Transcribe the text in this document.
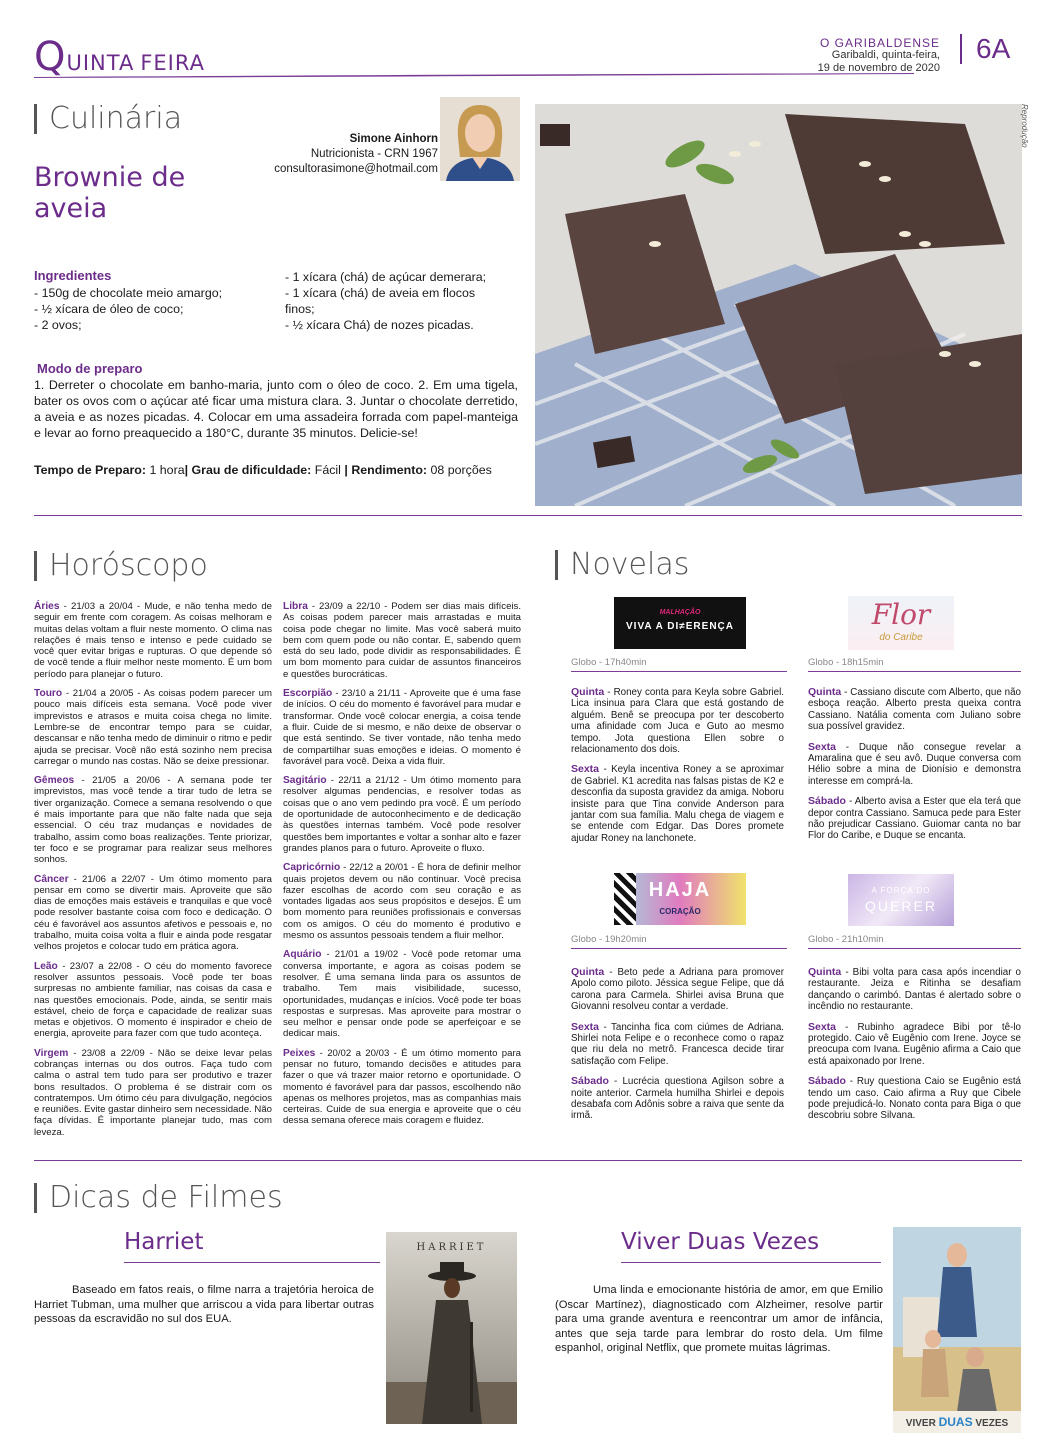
QUINTA FEIRA
O GARIBALDENSE
Garibaldi, quinta-feira,
19 de novembro de 2020
6A
Culinária
Brownie de
aveia
Simone Ainhorn
Nutricionista - CRN 1967
consultorasimone@hotmail.com
Reprodução
Ingredientes
- 150g de chocolate meio amargo;
- ½ xícara de óleo de coco;
- 2 ovos;
- 1 xícara (chá) de açúcar demerara;
- 1 xícara (chá) de aveia em flocos
finos;
- ½ xícara Chá) de nozes picadas.
Modo de preparo
1. Derreter o chocolate em banho-maria, junto com o óleo de coco. 2. Em uma tigela, bater os ovos com o açúcar até ficar uma mistura clara. 3. Juntar o chocolate derretido, a aveia e as nozes picadas. 4. Colocar em uma assadeira forrada com papel-manteiga e levar ao forno preaquecido a 180°C, durante 35 minutos. Delicie-se!
Tempo de Preparo: 1 hora| Grau de dificuldade: Fácil | Rendimento: 08 porções
Horóscopo

Áries - 21/03 a 20/04 - Mude, e não tenha medo de seguir em frente com coragem. As coisas melhoram e muitas delas voltam a fluir neste momento. O clima nas relações é mais tenso e intenso e pede cuidado se você quer evitar brigas e rupturas. O que depende só de você tende a fluir melhor neste momento. É um bom período para planejar o futuro.

Touro - 21/04 a 20/05 - As coisas podem parecer um pouco mais difíceis esta semana. Você pode viver imprevistos e atrasos e muita coisa chega no limite. Lembre-se de encontrar tempo para se cuidar, descansar e não tenha medo de diminuir o ritmo e pedir ajuda se precisar. Você não está sozinho nem precisa carregar o mundo nas costas. Não se deixe pressionar.

Gêmeos - 21/05 a 20/06 - A semana pode ter imprevistos, mas você tende a tirar tudo de letra se tiver organização. Comece a semana resolvendo o que é mais importante para que não falte nada que seja essencial. O céu traz mudanças e novidades de trabalho, assim como boas realizações. Tente priorizar, ter foco e se programar para realizar seus melhores sonhos.

Câncer - 21/06 a 22/07 - Um ótimo momento para pensar em como se divertir mais. Aproveite que são dias de emoções mais estáveis e tranquilas e que você pode resolver bastante coisa com foco e dedicação. O céu é favorável aos assuntos afetivos e pessoais e, no trabalho, muita coisa volta a fluir e ainda pode resgatar velhos projetos e colocar tudo em prática agora.

Leão - 23/07 a 22/08 - O céu do momento favorece resolver assuntos pessoais. Você pode ter boas surpresas no ambiente familiar, nas coisas da casa e nas questões emocionais. Pode, ainda, se sentir mais estável, cheio de força e capacidade de realizar suas metas e objetivos. O momento é inspirador e cheio de energia, aproveite para fazer com que tudo aconteça.

Virgem - 23/08 a 22/09 - Não se deixe levar pelas cobranças internas ou dos outros. Faça tudo com calma o astral tem tudo para ser produtivo e trazer bons resultados. O problema é se distrair com os contratempos. Um ótimo céu para divulgação, negócios e reuniões. Evite gastar dinheiro sem necessidade. Não faça dívidas. É importante planejar tudo, mas com leveza.

Libra - 23/09 a 22/10 - Podem ser dias mais difíceis. As coisas podem parecer mais arrastadas e muita coisa pode chegar no limite. Mas você saberá muito bem com quem pode ou não contar. E, sabendo quem está do seu lado, pode dividir as responsabilidades. É um bom momento para cuidar de assuntos financeiros e questões burocráticas.

Escorpião - 23/10 a 21/11 - Aproveite que é uma fase de inícios. O céu do momento é favorável para mudar e transformar. Onde você colocar energia, a coisa tende a fluir. Cuide de si mesmo, e não deixe de observar o que está sentindo. Se tiver vontade, não tenha medo de compartilhar suas emoções e ideias. O momento é favorável para você. Deixa a vida fluir.

Sagitário - 22/11 a 21/12 - Um ótimo momento para resolver algumas pendencias, e resolver todas as coisas que o ano vem pedindo pra você. É um período de oportunidade de autoconhecimento e de dedicação às questões internas também. Você pode resolver questões bem importantes e voltar a sonhar alto e fazer grandes planos para o futuro. Aproveite o fluxo.

Capricórnio - 22/12 a 20/01 - É hora de definir melhor quais projetos devem ou não continuar. Você precisa fazer escolhas de acordo com seu coração e as vontades ligadas aos seus propósitos e desejos. É um bom momento para reuniões profissionais e conversas com os amigos. O céu do momento é produtivo e mesmo os assuntos pessoais tendem a fluir melhor.

Aquário - 21/01 a 19/02 - Você pode retomar uma conversa importante, e agora as coisas podem se resolver. É uma semana linda para os assuntos de trabalho. Tem mais visibilidade, sucesso, oportunidades, mudanças e inícios. Você pode ter boas respostas e surpresas. Mas aproveite para mostrar o seu melhor e pensar onde pode se aperfeiçoar e se dedicar mais.

Peixes - 20/02 a 20/03 - É um ótimo momento para pensar no futuro, tomando decisões e atitudes para fazer o que vá trazer maior retorno e oportunidade. O momento é favorável para dar passos, escolhendo não apenas os melhores projetos, mas as companhias mais certeiras. Cuide de sua energia e aproveite que o céu dessa semana oferece mais coragem e fluidez.

Novelas
MALHAÇÃO
VIVA A DI≠ERENÇA	Flor
do Caribe
Globo - 17h40min	Globo - 18h15min

Quinta - Roney conta para Keyla sobre Gabriel. Lica insinua para Clara que está gostando de alguém. Benê se preocupa por ter descoberto uma afinidade com Juca e Guto ao mesmo tempo. Jota questiona Ellen sobre o relacionamento dos dois.

Sexta - Keyla incentiva Roney a se aproximar de Gabriel. K1 acredita nas falsas pistas de K2 e desconfia da suposta gravidez da amiga. Noboru insiste para que Tina convide Anderson para jantar com sua família. Malu chega de viagem e se entende com Edgar. Das Dores promete ajudar Roney na lanchonete.

Quinta - Cassiano discute com Alberto, que não esboça reação. Alberto presta queixa contra Cassiano. Natália comenta com Juliano sobre sua possível gravidez.

Sexta - Duque não consegue revelar a Amaralina que é seu avô. Duque conversa com Hélio sobre a mina de Dionísio e demonstra interesse em comprá-la.

Sábado - Alberto avisa a Ester que ela terá que depor contra Cassiano. Samuca pede para Ester não prejudicar Cassiano. Guiomar canta no bar Flor do Caribe, e Duque se encanta.

HAJA
CORAÇÃO
A FORÇA DO
QUERER
Globo - 19h20min	Globo - 21h10min

Quinta - Beto pede a Adriana para promover Apolo como piloto. Jéssica segue Felipe, que dá carona para Carmela. Shirlei avisa Bruna que Giovanni resolveu contar a verdade.

Sexta - Tancinha fica com ciúmes de Adriana. Shirlei nota Felipe e o reconhece como o rapaz que riu dela no metrô. Francesca decide tirar satisfação com Felipe.

Sábado - Lucrécia questiona Agilson sobre a noite anterior. Carmela humilha Shirlei e depois desabafa com Adônis sobre a raiva que sente da irmã.

Quinta - Bibi volta para casa após incendiar o restaurante. Jeiza e Ritinha se desafiam dançando o carimbó. Dantas é alertado sobre o incêndio no restaurante.

Sexta - Rubinho agradece Bibi por tê-lo protegido. Caio vê Eugênio com Irene. Joyce se preocupa com Ivana. Eugênio afirma a Caio que está apaixonado por Irene.

Sábado - Ruy questiona Caio se Eugênio está tendo um caso. Caio afirma a Ruy que Cibele pode prejudicá-lo. Nonato conta para Biga o que descobriu sobre Silvana.

Dicas de Filmes
Harriet
Baseado em fatos reais, o filme narra a trajetória heroica de Harriet Tubman, uma mulher que arriscou a vida para libertar outras pessoas da escravidão no sul dos EUA.
HARRIET	Viver Duas Vezes
Uma linda e emocionante história de amor, em que Emilio (Oscar Martínez), diagnosticado com Alzheimer, resolve partir para uma grande aventura e reencontrar um amor de infância, antes que seja tarde para lembrar do rosto dela. Um filme espanhol, original Netflix, que promete muitas lágrimas.
VIVER DUAS VEZES
